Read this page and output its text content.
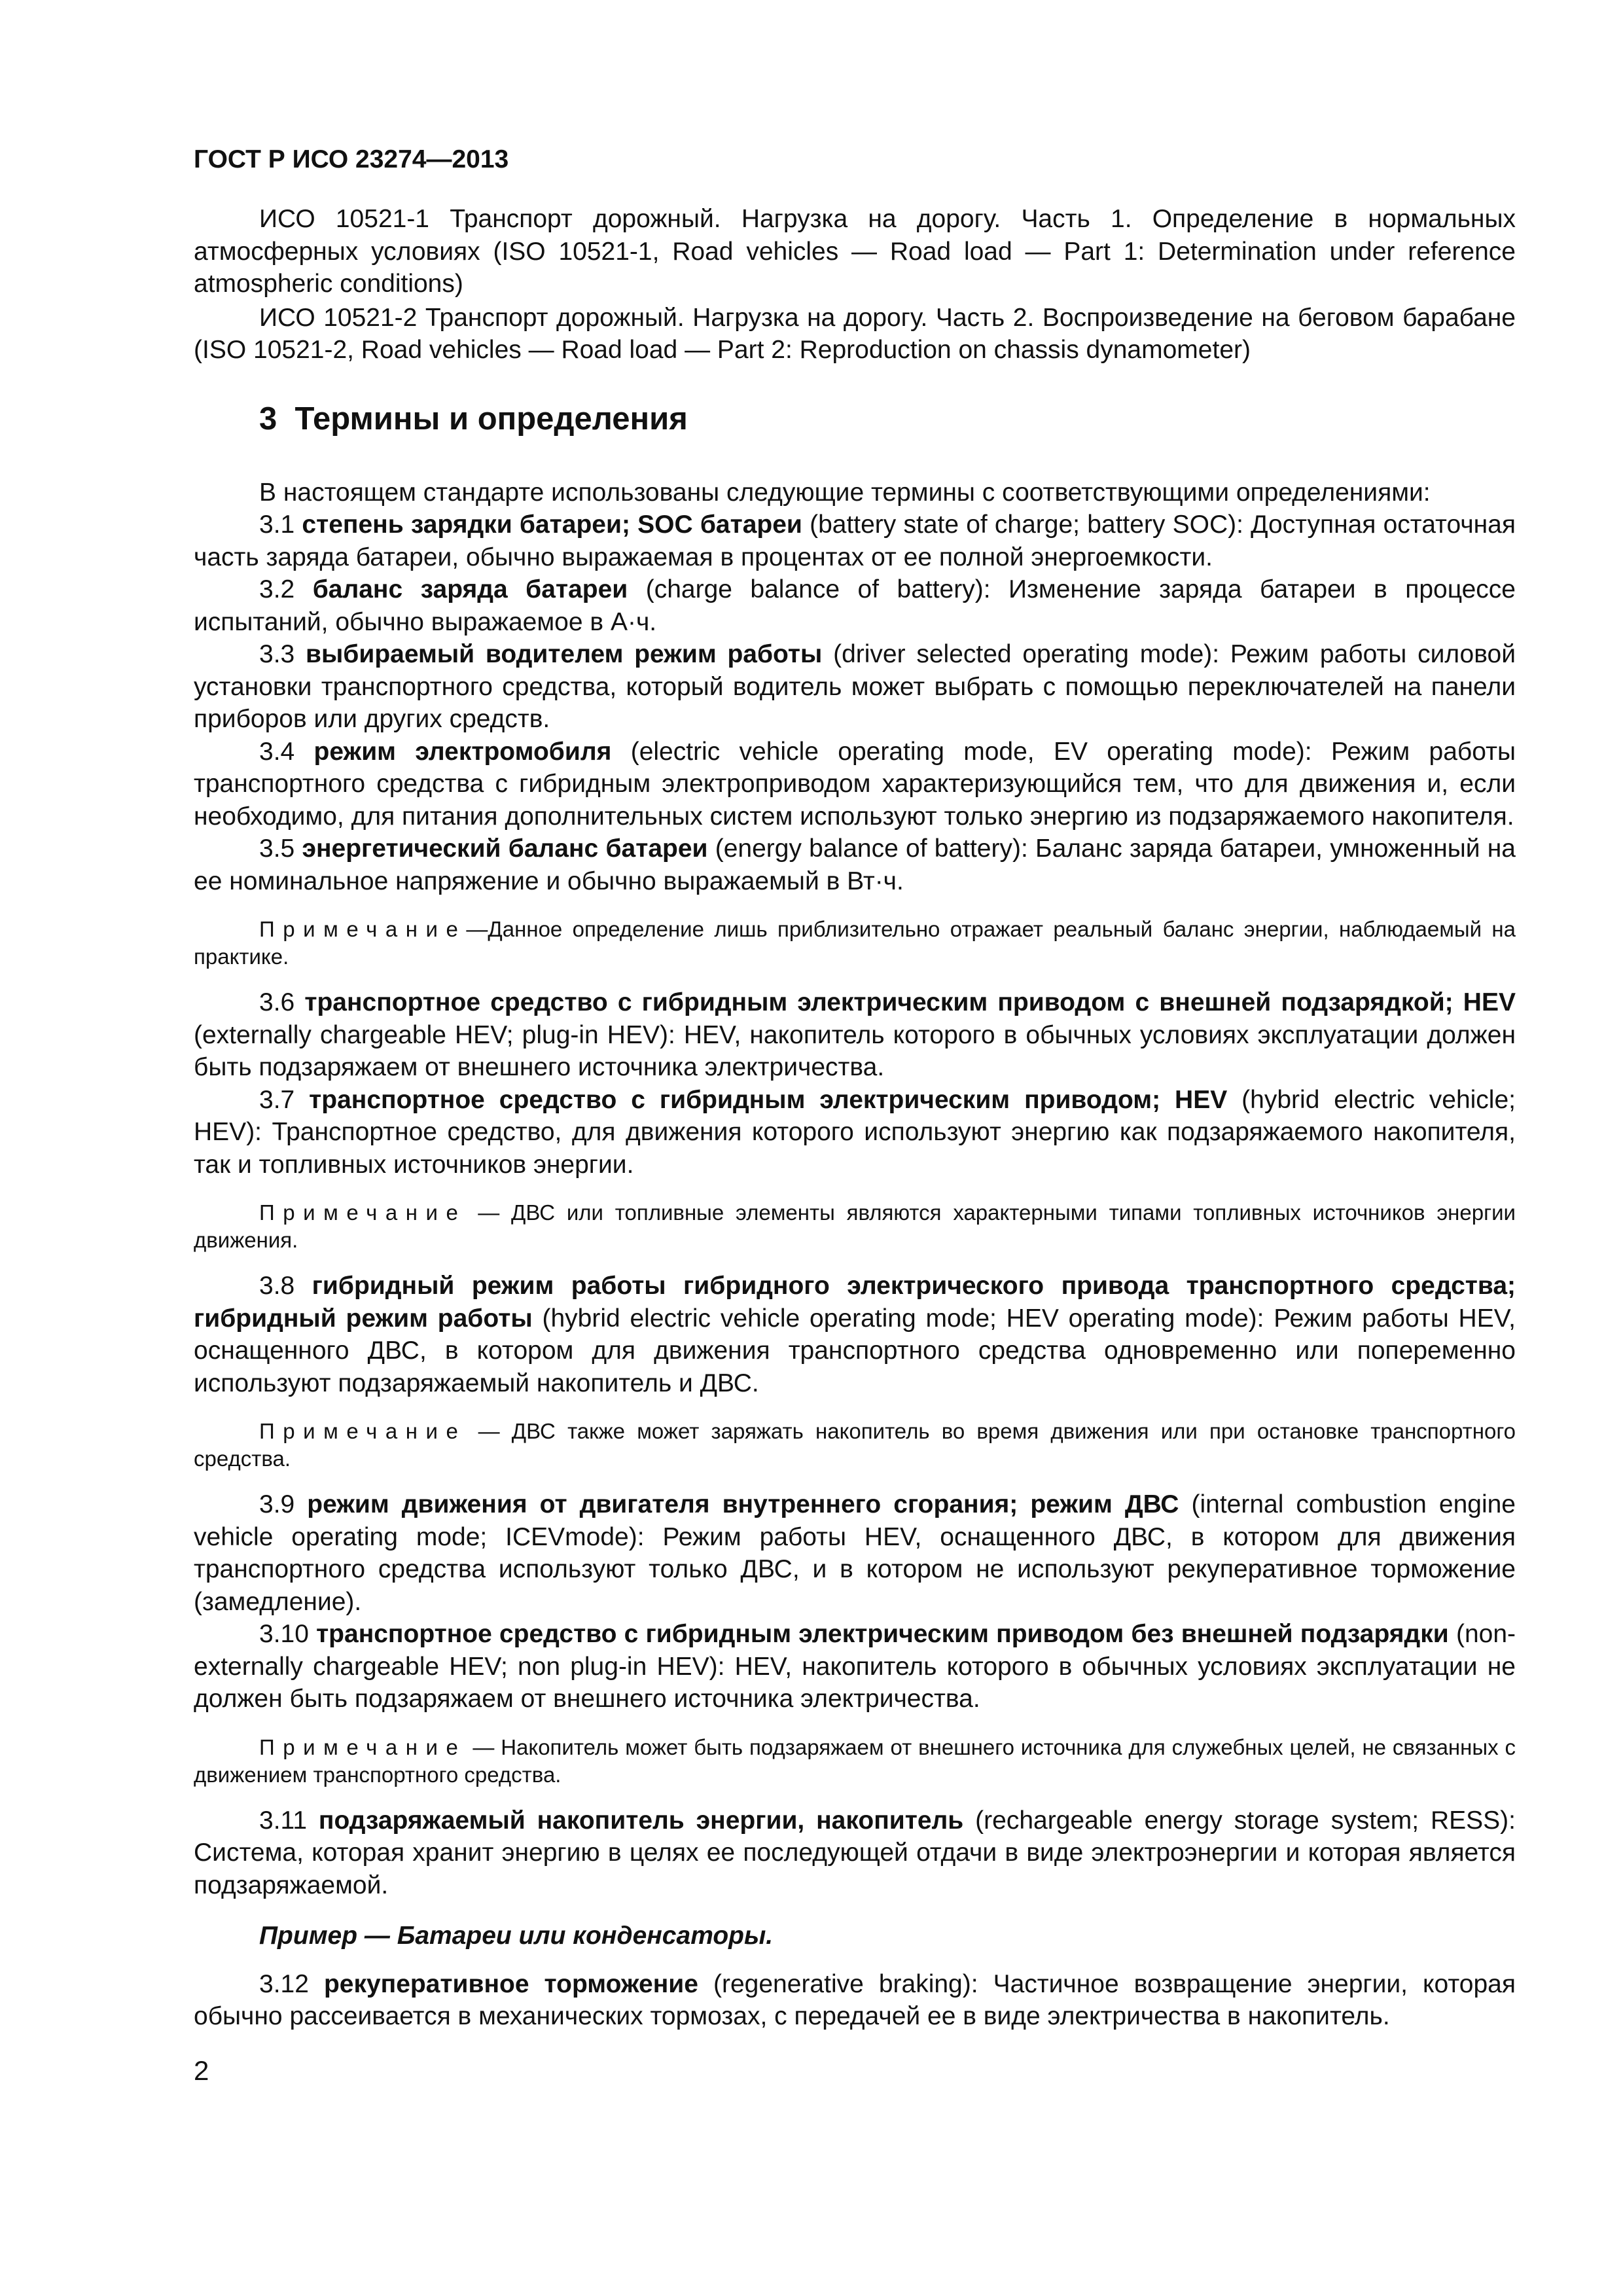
ГОСТ Р ИСО 23274—2013

ИСО 10521-1 Транспорт дорожный. Нагрузка на дорогу. Часть 1. Определение в нормальных атмосферных условиях (ISO 10521-1, Road vehicles — Road load — Part 1: Determination under reference atmospheric conditions)

ИСО 10521-2 Транспорт дорожный. Нагрузка на дорогу. Часть 2. Воспроизведение на беговом барабане (ISO 10521-2, Road vehicles — Road load — Part 2: Reproduction on chassis dynamometer)

3 Термины и определения

В настоящем стандарте использованы следующие термины с соответствующими определениями:

3.1 степень зарядки батареи; SOC батареи (battery state of charge; battery SOC): Доступная остаточная часть заряда батареи, обычно выражаемая в процентах от ее полной энергоемкости.

3.2 баланс заряда батареи (charge balance of battery): Изменение заряда батареи в процессе испытаний, обычно выражаемое в А·ч.

3.3 выбираемый водителем режим работы (driver selected operating mode): Режим работы силовой установки транспортного средства, который водитель может выбрать с помощью переключателей на панели приборов или других средств.

3.4 режим электромобиля (electric vehicle operating mode, EV operating mode): Режим работы транспортного средства с гибридным электроприводом характеризующийся тем, что для движения и, если необходимо, для питания дополнительных систем используют только энергию из подзаряжаемого накопителя.

3.5 энергетический баланс батареи (energy balance of battery): Баланс заряда батареи, умноженный на ее номинальное напряжение и обычно выражаемый в Вт·ч.

Примечание—Данное определение лишь приблизительно отражает реальный баланс энергии, наблюдаемый на практике.

3.6 транспортное средство с гибридным электрическим приводом с внешней подзарядкой; HEV (externally chargeable HEV; plug-in HEV): HEV, накопитель которого в обычных условиях эксплуатации должен быть подзаряжаем от внешнего источника электричества.

3.7 транспортное средство с гибридным электрическим приводом; HEV (hybrid electric vehicle; HEV): Транспортное средство, для движения которого используют энергию как подзаряжаемого накопителя, так и топливных источников энергии.

Примечание — ДВС или топливные элементы являются характерными типами топливных источников энергии движения.

3.8 гибридный режим работы гибридного электрического привода транспортного средства; гибридный режим работы (hybrid electric vehicle operating mode; HEV operating mode): Режим работы HEV, оснащенного ДВС, в котором для движения транспортного средства одновременно или попеременно используют подзаряжаемый накопитель и ДВС.

Примечание — ДВС также может заряжать накопитель во время движения или при остановке транспортного средства.

3.9 режим движения от двигателя внутреннего сгорания; режим ДВС (internal combustion engine vehicle operating mode; ICEVmode): Режим работы HEV, оснащенного ДВС, в котором для движения транспортного средства используют только ДВС, и в котором не используют рекуперативное торможение (замедление).

3.10 транспортное средство с гибридным электрическим приводом без внешней подзарядки (non-externally chargeable HEV; non plug-in HEV): HEV, накопитель которого в обычных условиях эксплуатации не должен быть подзаряжаем от внешнего источника электричества.

Примечание — Накопитель может быть подзаряжаем от внешнего источника для служебных целей, не связанных с движением транспортного средства.

3.11 подзаряжаемый накопитель энергии, накопитель (rechargeable energy storage system; RESS): Система, которая хранит энергию в целях ее последующей отдачи в виде электроэнергии и которая является подзаряжаемой.

Пример — Батареи или конденсаторы.

3.12 рекуперативное торможение (regenerative braking): Частичное возвращение энергии, которая обычно рассеивается в механических тормозах, с передачей ее в виде электричества в накопитель.

2
